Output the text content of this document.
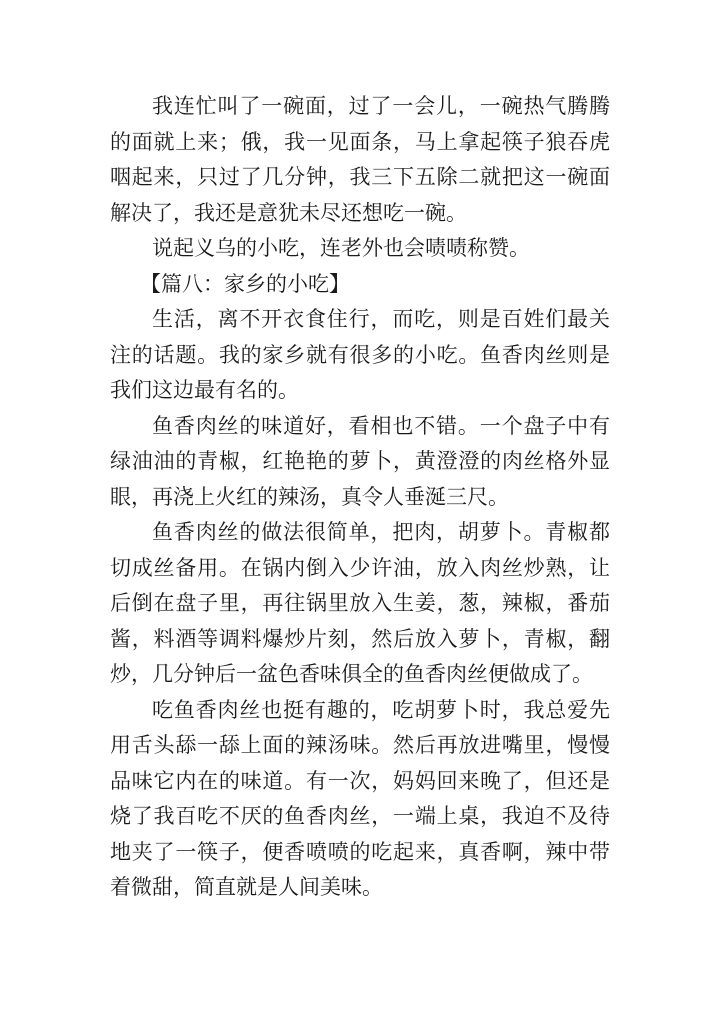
我连忙叫了一碗面，过了一会儿，一碗热气腾腾的面就上来；俄，我一见面条，马上拿起筷子狼吞虎咽起来，只过了几分钟，我三下五除二就把这一碗面解决了，我还是意犹未尽还想吃一碗。

说起义乌的小吃，连老外也会啧啧称赞。

【篇八：家乡的小吃】

生活，离不开衣食住行，而吃，则是百姓们最关注的话题。我的家乡就有很多的小吃。鱼香肉丝则是我们这边最有名的。

鱼香肉丝的味道好，看相也不错。一个盘子中有绿油油的青椒，红艳艳的萝卜，黄澄澄的肉丝格外显眼，再浇上火红的辣汤，真令人垂涎三尺。

鱼香肉丝的做法很简单，把肉，胡萝卜。青椒都切成丝备用。在锅内倒入少许油，放入肉丝炒熟，让后倒在盘子里，再往锅里放入生姜，葱，辣椒，番茄酱，料酒等调料爆炒片刻，然后放入萝卜，青椒，翻炒，几分钟后一盆色香味俱全的鱼香肉丝便做成了。

吃鱼香肉丝也挺有趣的，吃胡萝卜时，我总爱先用舌头舔一舔上面的辣汤味。然后再放进嘴里，慢慢品味它内在的味道。有一次，妈妈回来晚了，但还是烧了我百吃不厌的鱼香肉丝，一端上桌，我迫不及待地夹了一筷子，便香喷喷的吃起来，真香啊，辣中带着微甜，简直就是人间美味。
